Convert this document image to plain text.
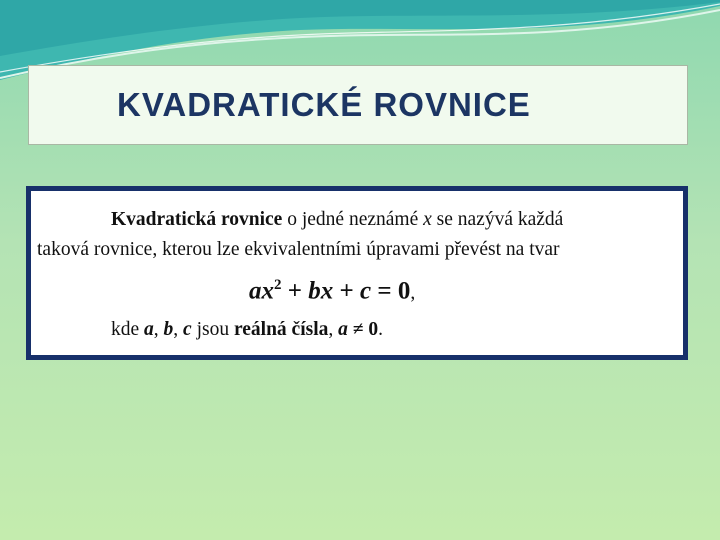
KVADRATICKÉ ROVNICE
Kvadratická rovnice o jedné neznámé x se nazývá každá
taková rovnice, kterou lze ekvivalentními úpravami převést na tvar
$ax^2$ + bx + c = 0,
kde a, b, c jsou reálná čísla, a ≠ 0.
